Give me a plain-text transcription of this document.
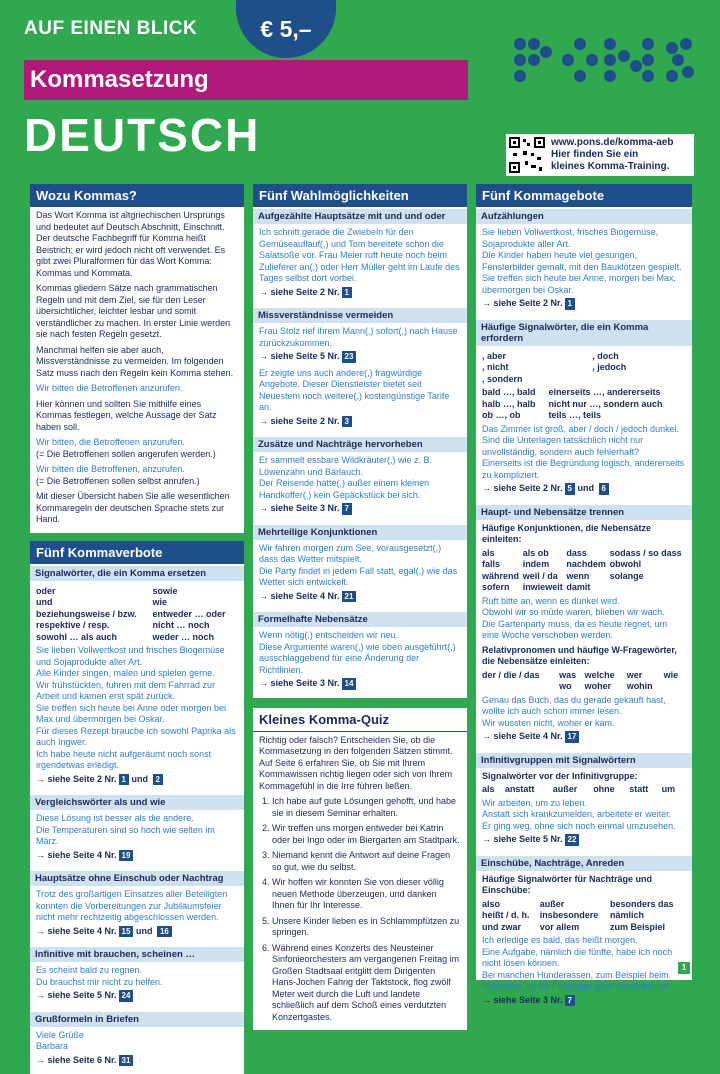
AUF EINEN BLICK	€ 5,–
Kommasetzung
DEUTSCH	www.pons.de/komma-aeb
Hier finden Sie ein
kleines Komma-Training.
Wozu Kommas?

Das Wort Komma ist altgriechischen Ursprungs und bedeutet auf Deutsch Abschnitt, Einschnitt. Der deutsche Fachbegriff für Komma heißt Beistrich; er wird jedoch nicht oft verwendet. Es gibt zwei Pluralformen für das Wort Komma: Kommas und Kommata.

Kommas gliedern Sätze nach grammatischen Regeln und mit dem Ziel, sie für den Leser übersichtlicher, leichter lesbar und somit verständlicher zu machen. In erster Linie werden sie nach festen Regeln gesetzt.

Manchmal helfen sie aber auch, Missverständnisse zu vermeiden. Im folgenden Satz muss nach den Regeln kein Komma stehen.

Wir bitten die Betroffenen anzurufen.

Hier können und sollten Sie mithilfe eines Kommas festlegen, welche Aussage der Satz haben soll.

Wir bitten, die Betroffenen anzurufen.

(= Die Betroffenen sollen angerufen werden.)

Wir bitten die Betroffenen, anzurufen.

(= Die Betroffenen sollen selbst anrufen.)

Mit dieser Übersicht haben Sie alle wesentlichen Kommaregeln der deutschen Sprache stets zur Hand.

Fünf Kommaverbote
Signalwörter, die ein Komma ersetzen
oder	sowie
und	wie
beziehungsweise / bzw.	entweder … oder
respektive / resp.	nicht … noch
sowohl … als auch	weder … noch

Sie lieben Vollwertkost und frisches Biogemüse und Sojaprodukte aller Art.

Alle Kinder singen, malen und spielen gerne.

Wir frühstückten, fuhren mit dem Fahrrad zur Arbeit und kamen erst spät zurück.

Sie treffen sich heute bei Anne oder morgen bei Max und übermorgen bei Oskar.

Für dieses Rezept brauche ich sowohl Paprika als auch Ingwer.

Ich habe heute nicht aufgeräumt noch sonst irgendetwas erledigt.

→ siehe Seite 2 Nr. 1 und 2
Vergleichswörter als und wie

Diese Lösung ist besser als die andere.

Die Temperaturen sind so hoch wie selten im März.

→ siehe Seite 4 Nr. 19
Hauptsätze ohne Einschub oder Nachtrag

Trotz des großartigen Einsatzes aller Beteiligten konnten die Vorbereitungen zur Jubiläumsfeier nicht mehr rechtzeitig abgeschlossen werden.

→ siehe Seite 4 Nr. 15 und 16
Infinitive mit brauchen, scheinen …

Es scheint bald zu regnen.

Du brauchst mir nicht zu helfen.

→ siehe Seite 5 Nr. 24
Grußformeln in Briefen

Viele Grüße

Barbara

→ siehe Seite 6 Nr. 31
Fünf Wahlmöglichkeiten
Aufgezählte Hauptsätze mit und und oder

Ich schnitt gerade die Zwiebeln für den Gemüseauflauf(,) und Tom bereitete schon die Salatsoße vor. Frau Meier ruft heute noch beim Zulieferer an(,) oder Herr Müller geht im Laufe des Tages selbst dort vorbei.

→ siehe Seite 2 Nr. 1
Missverständnisse vermeiden

Frau Stolz rief ihrem Mann(,) sofort(,) nach Hause zurückzukommen.

→ siehe Seite 5 Nr. 23

Er zeigte uns auch andere(,) fragwürdige Angebote. Dieser Dienstleister bietet seit Neuestem noch weitere(,) kostengünstige Tarife an.

→ siehe Seite 2 Nr. 3
Zusätze und Nachträge hervorheben

Er sammelt essbare Wildkräuter(,) wie z. B. Löwenzahn und Bärlauch.

Der Reisende hatte(,) außer einem kleinen Handkoffer(,) kein Gepäckstück bei sich.

→ siehe Seite 3 Nr. 7
Mehrteilige Konjunktionen

Wir fahren morgen zum See, vorausgesetzt(,) dass das Wetter mitspielt.

Die Party findet in jedem Fall statt, egal(,) wie das Wetter sich entwickelt.

→ siehe Seite 4 Nr. 21
Formelhafte Nebensätze

Wenn nötig(,) entscheiden wir neu.

Diese Argumente waren(,) wie oben ausgeführt(,) ausschlaggebend für eine Änderung der Richtlinien.

→ siehe Seite 3 Nr. 14
Kleines Komma-Quiz

Richtig oder falsch? Entscheiden Sie, ob die Kommasetzung in den folgenden Sätzen stimmt. Auf Seite 6 erfahren Sie, ob Sie mit Ihrem Kommawissen richtig liegen oder sich von Ihrem Kommagefühl in die Irre führen ließen.

1. Ich habe auf gute Lösungen gehofft, und habe sie in diesem Seminar erhalten.
2. Wir treffen uns morgen entweder bei Katrin oder bei Ingo oder im Biergarten am Stadtpark.
3. Niemand kennt die Antwort auf deine Fragen so gut, wie du selbst.
4. Wir hoffen wir konnten Sie von dieser völlig neuen Methode überzeugen, und danken Ihnen für Ihr Interesse.
5. Unsere Kinder lieben es in Schlammpfützen zu springen.
6. Während eines Konzerts des Neusteiner Sinfonieorchesters am vergangenen Freitag im Großen Stadtsaal entglitt dem Dirigenten Hans-Jochen Fahrig der Taktstock, flog zwölf Meter weit durch die Luft und landete schließlich auf dem Schoß eines verdutzten Konzertgastes.
Fünf Kommagebote
Aufzählungen

Sie lieben Vollwertkost, frisches Biogemüse, Sojaprodukte aller Art.

Die Kinder haben heute viel gesungen, Fensterbilder gemalt, mit den Bauklötzen gespielt.

Sie treffen sich heute bei Anne, morgen bei Max, übermorgen bei Oskar.

→ siehe Seite 2 Nr. 1
Häufige Signalwörter, die ein Komma erfordern
, aber	, doch
, nicht	, jedoch
, sondern	
bald …, bald	einerseits …, andererseits
halb …, halb	nicht nur …, sondern auch
ob …, ob	teils …, teils

Das Zimmer ist groß, aber / doch / jedoch dunkel. Sind die Unterlagen tatsächlich nicht nur unvollständig, sondern auch fehlerhaft?

Einerseits ist die Begründung logisch, andererseits zu kompliziert.

→ siehe Seite 2 Nr. 5 und 6
Haupt- und Nebensätze trennen
Häufige Konjunktionen, die Nebensätze einleiten:
als	als ob	dass	sodass / so dass
falls	indem	nachdem	obwohl
während	weil / da	wenn	solange
sofern	inwieweit	damit	

Ruft bitte an, wenn es dunkel wird.

Obwohl wir so müde waren, blieben wir wach.

Die Gartenparty muss, da es heute regnet, um eine Woche verschoben werden.

Relativpronomen und häufige W-Fragewörter, die Nebensätze einleiten:
der / die / das	was	welche	wer	wie
	wo	woher	wohin	

Genau das Buch, das du gerade gekauft hast, wollte ich auch schon immer lesen.

Wir wussten nicht, woher er kam.

→ siehe Seite 4 Nr. 17
Infinitivgruppen mit Signalwörtern
Signalwörter vor der Infinitivgruppe:
als	anstatt	außer	ohne	statt	um

Wir arbeiten, um zu leben.

Anstatt sich krankzumelden, arbeitete er weiter.

Er ging weg, ohne sich noch einmal umzusehen.

→ siehe Seite 5 Nr. 22
Einschübe, Nachträge, Anreden
Häufige Signalwörter für Nachträge und Einschübe:
also	außer	besonders das
heißt / d. h.	insbesondere	nämlich
und zwar	vor allem	zum Beispiel

Ich erledige es bald, das heißt morgen.

Eine Aufgabe, nämlich die fünfte, habe ich noch nicht lösen können.

Bei manchen Hunderassen, zum Beispiel beim Rottweiler, ist die Fellpflege ganz unkompliziert.

→ siehe Seite 3 Nr. 7
1
